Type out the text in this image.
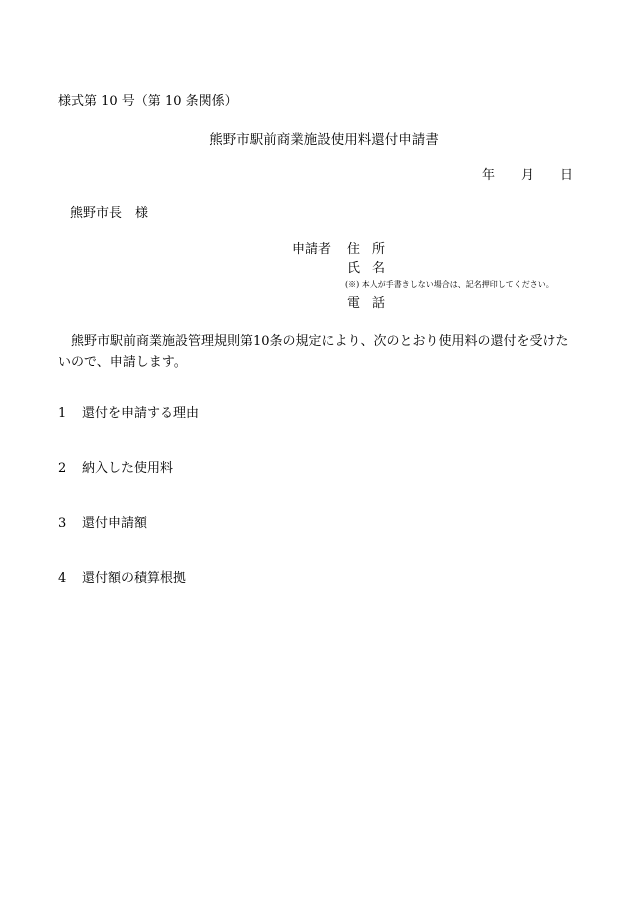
様式第 10 号（第 10 条関係）
熊野市駅前商業施設使用料還付申請書
年 月 日
熊野市長　様
申請者 住 所
氏 名
(※) 本人が手書きしない場合は、記名押印してください。
電 話
熊野市駅前商業施設管理規則第10条の規定により、次のとおり使用料の還付を受けたいので、申請します。
1 還付を申請する理由
2 納入した使用料
3 還付申請額
4 還付額の積算根拠
